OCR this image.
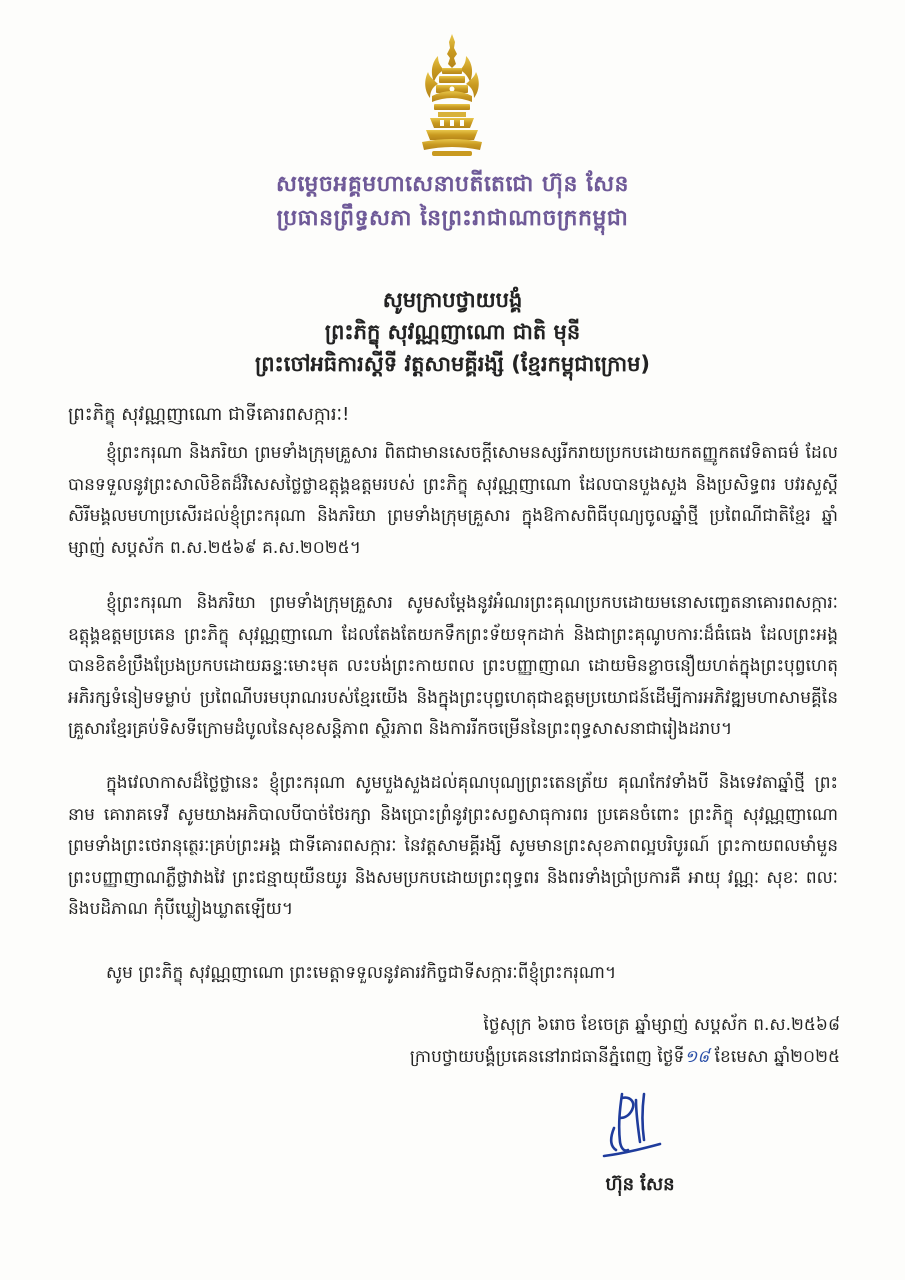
សម្តេចអគ្គមហាសេនាបតីតេជោ ហ៊ុន សែន
ប្រធានព្រឹទ្ធសភា នៃព្រះរាជាណាចក្រកម្ពុជា
សូមក្រាបថ្វាយបង្គំ
ព្រះភិក្ខុ សុវណ្ណញាណោ ជាតិ មុនី
ព្រះចៅអធិការស្តីទី វត្តសាមគ្គីរង្សី (ខ្មែរកម្ពុជាក្រោម)
ព្រះភិក្ខុ សុវណ្ណញាណោ ជាទីគោរពសក្ការៈ!

ខ្ញុំព្រះករុណា និងភរិយា ព្រមទាំងក្រុមគ្រួសារ ពិតជាមានសេចក្តីសោមនស្សរីករាយប្រកបដោយកតញ្ញូកតវេទិតាធម៌ ដែលបានទទួលនូវព្រះសាលិខិតដ៏វិសេសថ្លៃថ្លាឧត្តុង្គឧត្តមរបស់ ព្រះភិក្ខុ សុវណ្ណញាណោ ដែលបានបួងសួង និងប្រសិទ្ធពរ បវរសួស្តី សិរីមង្គលមហាប្រសើរដល់ខ្ញុំព្រះករុណា និងភរិយា ព្រមទាំងក្រុមគ្រួសារ ក្នុងឱកាសពិធីបុណ្យចូលឆ្នាំថ្មី ប្រពៃណីជាតិខ្មែរ ឆ្នាំម្សាញ់ សប្តស័ក ព.ស.២៥៦៩ គ.ស.២០២៥។

ខ្ញុំព្រះករុណា និងភរិយា ព្រមទាំងក្រុមគ្រួសារ សូមសម្តែងនូវអំណរព្រះគុណប្រកបដោយមនោសញ្ចេតនាគោរពសក្ការៈឧត្តុង្គឧត្តមប្រគេន ព្រះភិក្ខុ សុវណ្ណញាណោ ដែលតែងតែយកទឹកព្រះទ័យទុកដាក់ និងជាព្រះគុណូបការៈដ៏ធំធេង ដែលព្រះអង្គបានខិតខំប្រឹងប្រែងប្រកបដោយឆន្ទៈមោះមុត លះបង់ព្រះកាយពល ព្រះបញ្ញាញាណ ដោយមិនខ្លាចនឿយហត់ក្នុងព្រះបុព្វហេតុអភិរក្សទំនៀមទម្លាប់ ប្រពៃណីបរមបុរាណរបស់ខ្មែរយើង និងក្នុងព្រះបុព្វហេតុជាឧត្តមប្រយោជន៍ដើម្បីការអភិវឌ្ឍមហាសាមគ្គីនៃគ្រួសារខ្មែរគ្រប់ទិសទីក្រោមដំបូលនៃសុខសន្តិភាព ស្ថិរភាព និងការរីកចម្រើននៃព្រះពុទ្ធសាសនាជារៀងដរាប។

ក្នុងវេលាកាសដ៏ថ្លៃថ្លានេះ ខ្ញុំព្រះករុណា សូមបួងសួងដល់គុណបុណ្យព្រះតេនត្រ័យ គុណកែវទាំងបី និងទេវតាឆ្នាំថ្មី ព្រះនាម គោរាគទេវី សូមយាងអភិបាលបីបាច់ថែរក្សា និងប្រោះព្រំនូវព្រះសព្វសាធុការពរ ប្រគេនចំពោះ ព្រះភិក្ខុ សុវណ្ណញាណោ ព្រមទាំងព្រះថេរានុត្ថេរៈគ្រប់ព្រះអង្គ ជាទីគោរពសក្ការៈ នៃវត្តសាមគ្គីរង្សី សូមមានព្រះសុខភាពល្អបរិបូរណ៍ ព្រះកាយពលមាំមួន ព្រះបញ្ញាញាណភ្លឺថ្លាវាងវៃ ព្រះជន្មាយុយឺនយូរ និងសមប្រកបដោយព្រះពុទ្ធពរ និងពរទាំងប្រាំប្រការគឺ អាយុ វណ្ណៈ សុខៈ ពលៈ និងបដិភាណ កុំបីឃ្លៀងឃ្លាតឡើយ។

សូម ព្រះភិក្ខុ សុវណ្ណញាណោ ព្រះមេត្តាទទួលនូវគារវកិច្ចជាទីសក្ការៈពីខ្ញុំព្រះករុណា។

ថ្ងៃសុក្រ ៦រោច ខែចេត្រ ឆ្នាំម្សាញ់ សប្តស័ក ព.ស.២៥៦៨
ក្រាបថ្វាយបង្គំប្រគេននៅរាជធានីភ្នំពេញ ថ្ងៃទី១៨ ខែមេសា ឆ្នាំ២០២៥
ហ៊ុន សែន
